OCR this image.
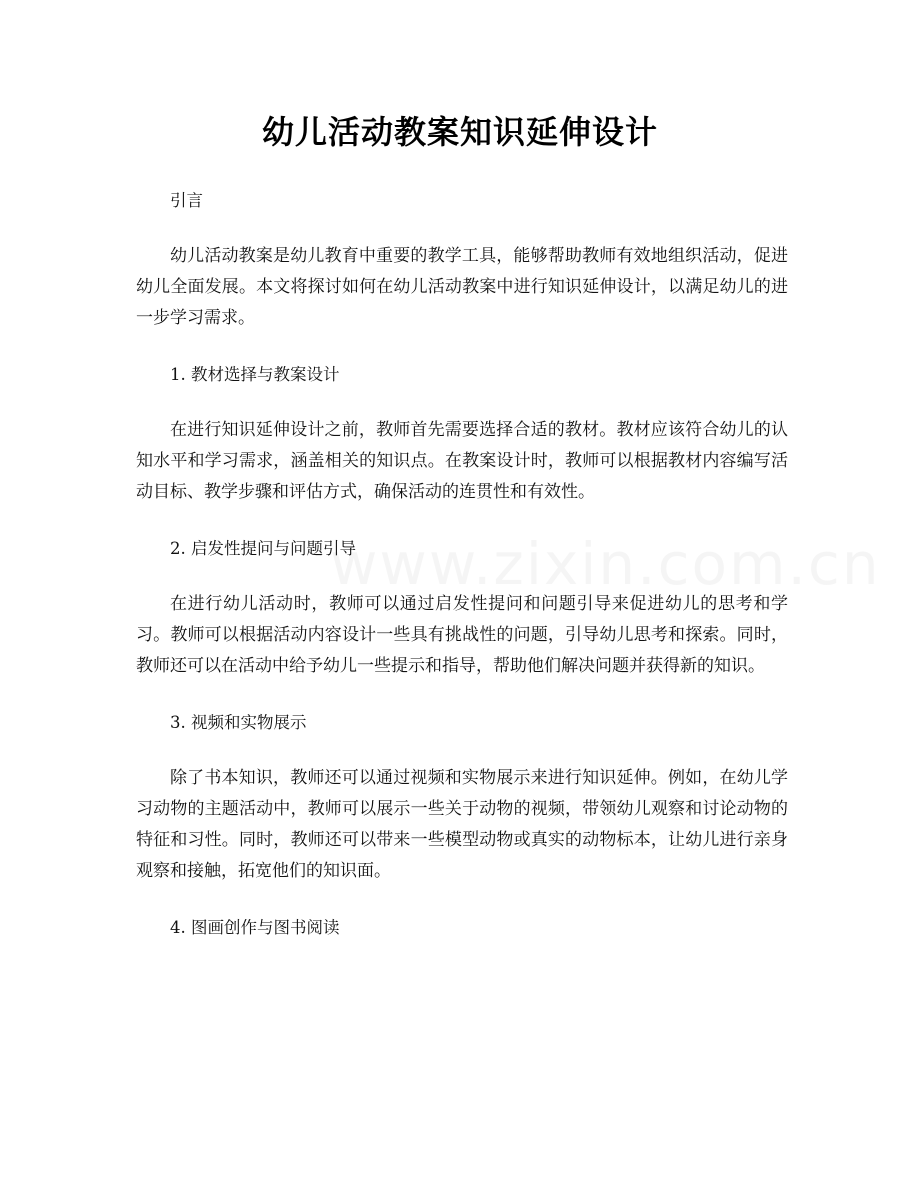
www.zixin.com.cn
幼儿活动教案知识延伸设计

引言

幼儿活动教案是幼儿教育中重要的教学工具，能够帮助教师有效地组织活动，促进幼儿全面发展。本文将探讨如何在幼儿活动教案中进行知识延伸设计，以满足幼儿的进一步学习需求。

1. 教材选择与教案设计

在进行知识延伸设计之前，教师首先需要选择合适的教材。教材应该符合幼儿的认知水平和学习需求，涵盖相关的知识点。在教案设计时，教师可以根据教材内容编写活动目标、教学步骤和评估方式，确保活动的连贯性和有效性。

2. 启发性提问与问题引导

在进行幼儿活动时，教师可以通过启发性提问和问题引导来促进幼儿的思考和学习。教师可以根据活动内容设计一些具有挑战性的问题，引导幼儿思考和探索。同时，教师还可以在活动中给予幼儿一些提示和指导，帮助他们解决问题并获得新的知识。

3. 视频和实物展示

除了书本知识，教师还可以通过视频和实物展示来进行知识延伸。例如，在幼儿学习动物的主题活动中，教师可以展示一些关于动物的视频，带领幼儿观察和讨论动物的特征和习性。同时，教师还可以带来一些模型动物或真实的动物标本，让幼儿进行亲身观察和接触，拓宽他们的知识面。

4. 图画创作与图书阅读
